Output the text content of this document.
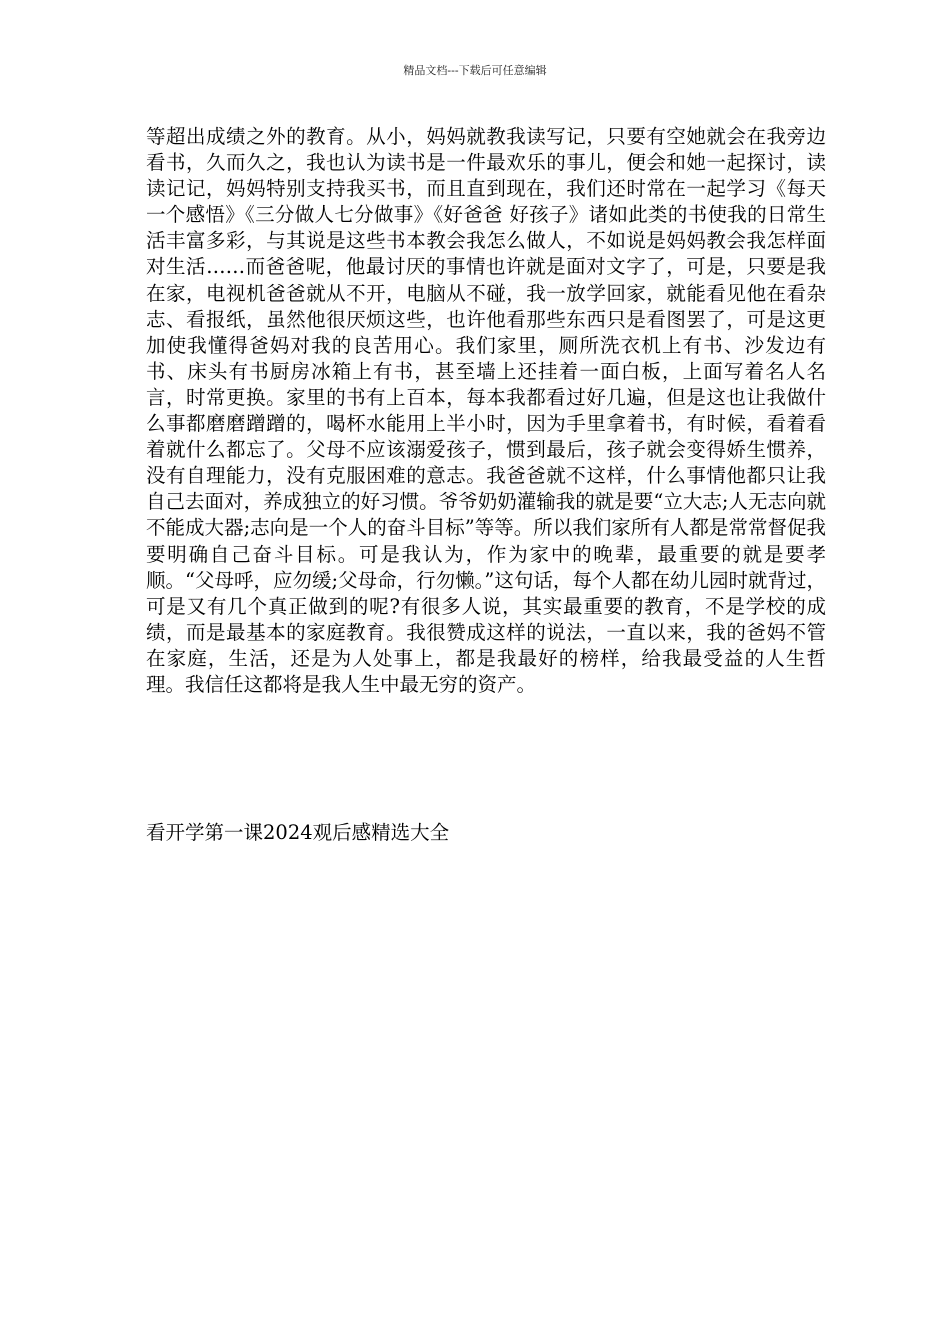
精品文档---下载后可任意编辑

等超出成绩之外的教育。从小，妈妈就教我读写记，只要有空她就会在我旁边看书，久而久之，我也认为读书是一件最欢乐的事儿，便会和她一起探讨，读读记记，妈妈特别支持我买书，而且直到现在，我们还时常在一起学习《每天一个感悟》《三分做人七分做事》《好爸爸 好孩子》诸如此类的书使我的日常生活丰富多彩，与其说是这些书本教会我怎么做人，不如说是妈妈教会我怎样面对生活……而爸爸呢，他最讨厌的事情也许就是面对文字了，可是，只要是我在家，电视机爸爸就从不开，电脑从不碰，我一放学回家，就能看见他在看杂志、看报纸，虽然他很厌烦这些，也许他看那些东西只是看图罢了，可是这更加使我懂得爸妈对我的良苦用心。我们家里，厕所洗衣机上有书、沙发边有书、床头有书厨房冰箱上有书，甚至墙上还挂着一面白板，上面写着名人名言，时常更换。家里的书有上百本，每本我都看过好几遍，但是这也让我做什么事都磨磨蹭蹭的，喝杯水能用上半小时，因为手里拿着书，有时候，看着看着就什么都忘了。父母不应该溺爱孩子，惯到最后，孩子就会变得娇生惯养，没有自理能力，没有克服困难的意志。我爸爸就不这样，什么事情他都只让我自己去面对，养成独立的好习惯。爷爷奶奶灌输我的就是要“立大志;人无志向就不能成大器;志向是一个人的奋斗目标”等等。所以我们家所有人都是常常督促我要明确自己奋斗目标。可是我认为，作为家中的晚辈，最重要的就是要孝顺。“父母呼，应勿缓;父母命，行勿懒。”这句话，每个人都在幼儿园时就背过，可是又有几个真正做到的呢?有很多人说，其实最重要的教育，不是学校的成绩，而是最基本的家庭教育。我很赞成这样的说法，一直以来，我的爸妈不管在家庭，生活，还是为人处事上，都是我最好的榜样，给我最受益的人生哲理。我信任这都将是我人生中最无穷的资产。

看开学第一课2024观后感精选大全
